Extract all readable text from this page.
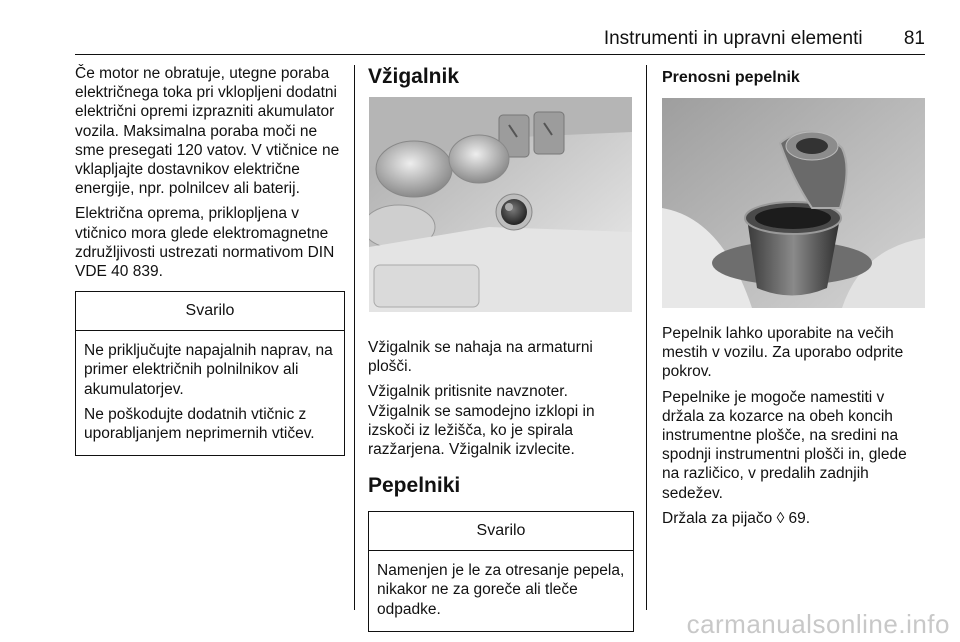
Instrumenti in upravni elementi 81

Če motor ne obratuje, utegne poraba električnega toka pri vklopljeni dodatni električni opremi izprazniti akumulator vozila. Maksimalna poraba moči ne sme presegati 120 vatov. V vtičnice ne vklapljajte dostavnikov električne energije, npr. polnilcev ali baterij.

Električna oprema, priklopljena v vtičnico mora glede elektromagnetne združljivosti ustrezati normativom DIN VDE 40 839.

Svarilo

Ne priključujte napajalnih naprav, na primer električnih polnilnikov ali akumulatorjev.

Ne poškodujte dodatnih vtičnic z uporabljanjem neprimernih vtičev.

Vžigalnik

Vžigalnik se nahaja na armaturni plošči.

Vžigalnik pritisnite navznoter. Vžigalnik se samodejno izklopi in izskoči iz ležišča, ko je spirala razžarjena. Vžigalnik izvlecite.

Pepelniki
Svarilo

Namenjen je le za otresanje pepela, nikakor ne za goreče ali tleče odpadke.

Prenosni pepelnik

Pepelnik lahko uporabite na večih mestih v vozilu. Za uporabo odprite pokrov.

Pepelnike je mogoče namestiti v držala za kozarce na obeh koncih instrumentne plošče, na sredini na spodnji instrumentni plošči in, glede na različico, v predalih zadnjih sedežev.

Držala za pijačo ◊ 69.

carmanualsonline.info
